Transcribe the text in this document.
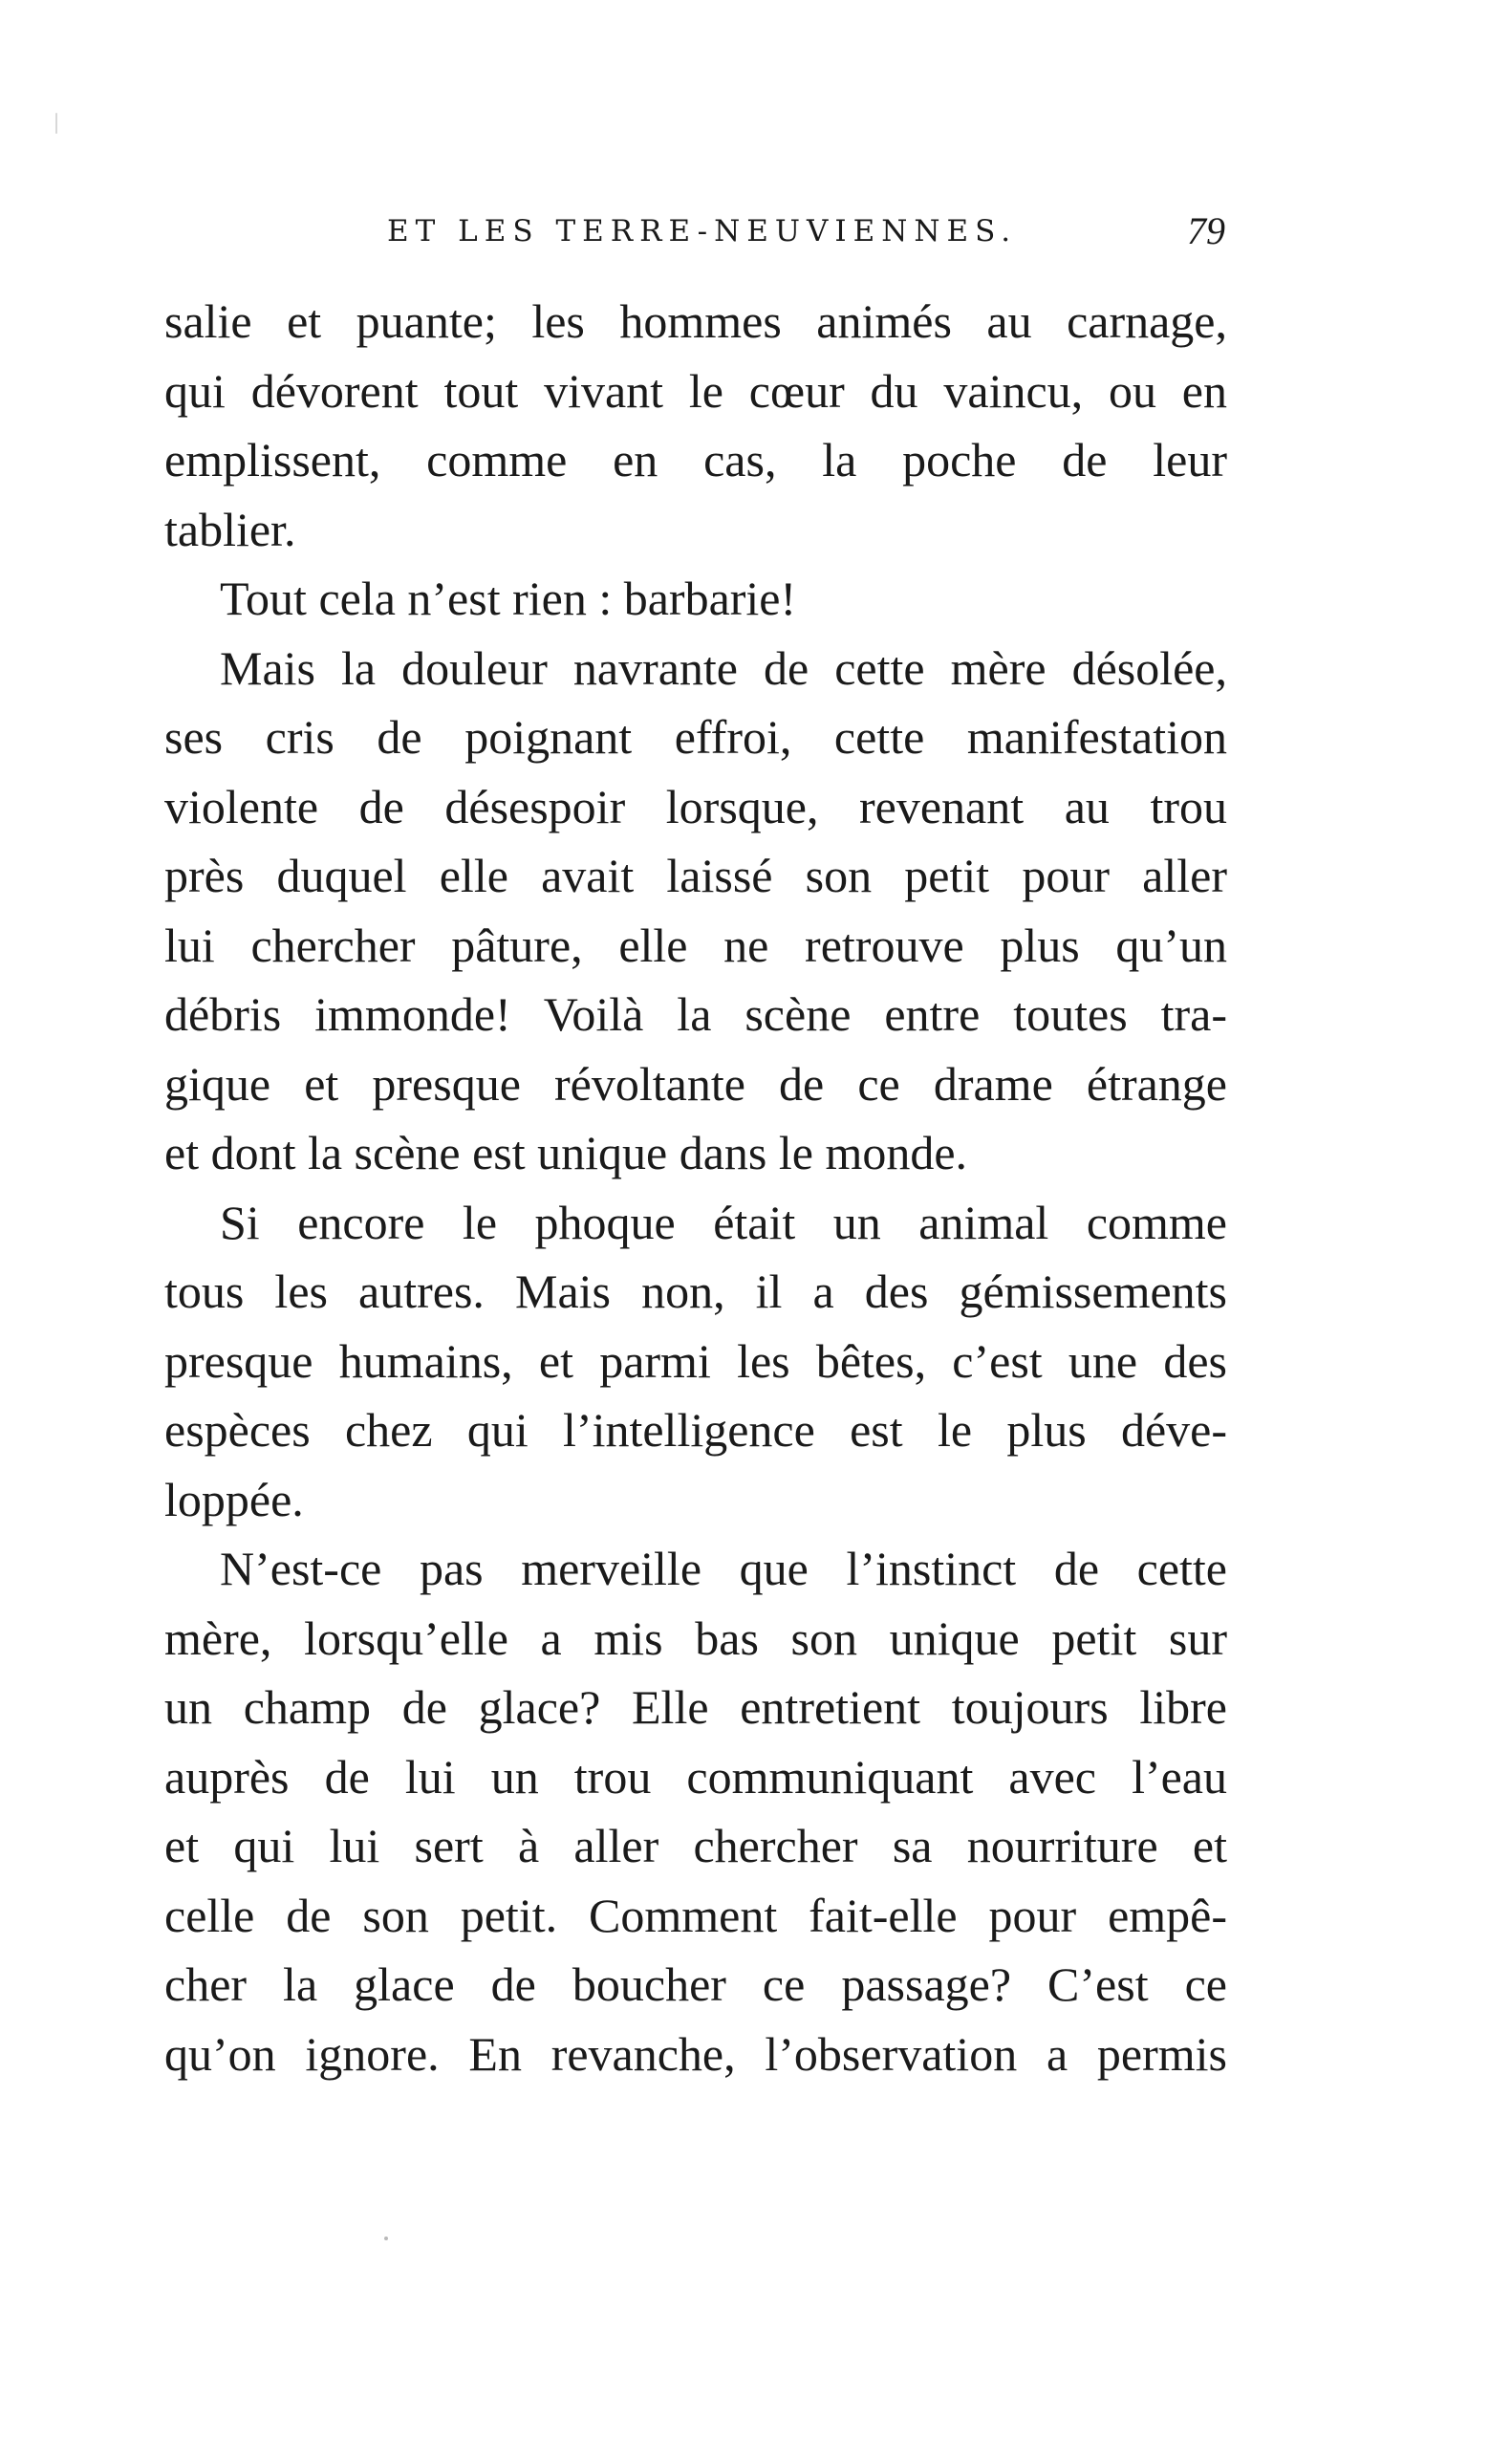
ET LES TERRE-NEUVIENNES.	79
salie et puante; les hommes animés au carnage,
qui dévorent tout vivant le cœur du vaincu, ou en
emplissent, comme en cas, la poche de leur
tablier.
Tout cela n’est rien : barbarie!
Mais la douleur navrante de cette mère désolée,
ses cris de poignant effroi, cette manifestation
violente de désespoir lorsque, revenant au trou
près duquel elle avait laissé son petit pour aller
lui chercher pâture, elle ne retrouve plus qu’un
débris immonde! Voilà la scène entre toutes tra-
gique et presque révoltante de ce drame étrange
et dont la scène est unique dans le monde.
Si encore le phoque était un animal comme
tous les autres. Mais non, il a des gémissements
presque humains, et parmi les bêtes, c’est une des
espèces chez qui l’intelligence est le plus déve-
loppée.
N’est-ce pas merveille que l’instinct de cette
mère, lorsqu’elle a mis bas son unique petit sur
un champ de glace? Elle entretient toujours libre
auprès de lui un trou communiquant avec l’eau
et qui lui sert à aller chercher sa nourriture et
celle de son petit. Comment fait-elle pour empê-
cher la glace de boucher ce passage? C’est ce
qu’on ignore. En revanche, l’observation a permis
